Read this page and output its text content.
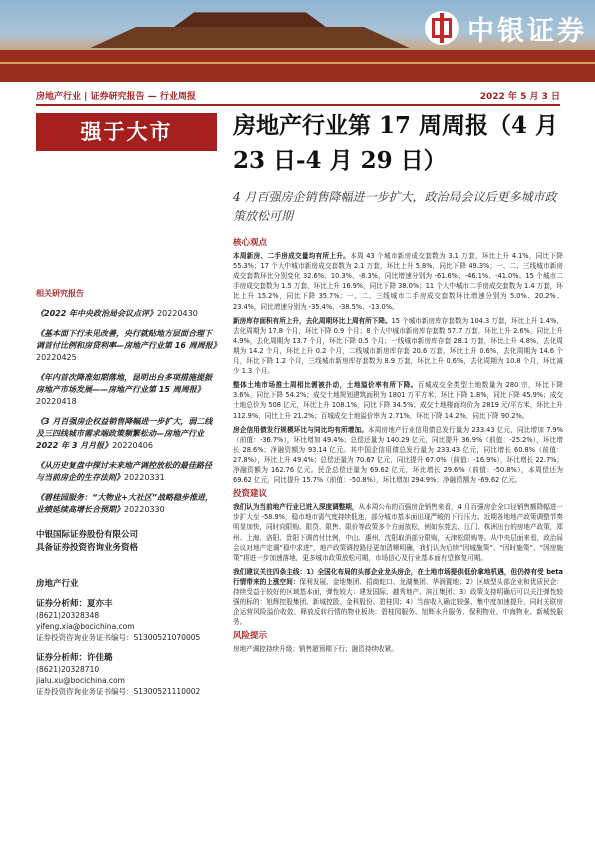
中银证券
房地产行业 | 证券研究报告 — 行业周报	2022 年 5 月 3 日
强于大市	房地产行业第 17 周周报（4 月 23 日-4 月 29 日）
4 月百强房企销售降幅进一步扩大，政治局会议后更多城市政策放松可期
相关研究报告
《2022 年中央政治局会议点评》20220430
《基本面下行未见改善，央行就贴地方层面合理下调首付比例和房贷利率—房地产行业第 16 周周报》20220425
《年内首次降准如期落地，昆明出台多项措施提振房地产市场发展——房地产行业第 15 周周报》20220418
《3 月百强房企权益销售降幅进一步扩大，弱二线及三四线城市需求端政策频繁松动—房地产行业 2022 年 3 月月报》20220406
《从历史复盘中探讨未来地产调控放松的最佳路径与当前房企的生存法则》20220331
《碧桂园服务：“大物业+大社区”战略稳步推进，业绩延续高增长合预期》20220330
中银国际证券股份有限公司
具备证券投资咨询业务资格
房地产行业
证券分析师：夏亦丰
(8621)20328348
yifeng.xia@bocichina.com
证券投资咨询业务证书编号：S1300521070005
证券分析师：许佳璐
(8621)20328710
jialu.xu@bocichina.com
证券投资咨询业务证书编号：S1300521110002
核心观点
本周新房、二手房成交量均有所上升。本周 43 个城市新房成交套数为 3.1 万套，环比上升 4.1%，同比下降 55.3%；17 个大中城市新房成交套数为 2.1 万套，环比上升 5.8%，同比下降 49.3%；一、二、三线城市新房成交套数环比分别变化 32.6%、10.3%、-8.3%，同比增速分别为 -61.6%、-46.1%、-41.0%。15 个城市二手房成交套数为 1.5 万套，环比上升 16.9%，同比下降 38.0%；11 个大中城市二手房成交套数为 1.4 万套，环比上升 15.2%，同比下降 35.7%；一、二、三线城市二手房成交套数环比增速分别为 5.0%、20.2%、23.4%，同比增速分别为 -35.4%、-38.5%、-13.0%。
新房库存面积有所上升，去化周期环比上周有所下降。15 个城市新房库存套数为 104.3 万套，环比上升 1.4%，去化周期为 17.8 个月，环比下降 0.9 个月；8 个大中城市新房库存套数 57.7 万套，环比上升 2.6%，同比上升 4.9%，去化周期为 13.7 个月，环比下降 0.5 个月；一线城市新房库存套 28.1 万套，环比上升 4.8%，去化周期为 14.2 个月，环比上升 0.2 个月，二线城市新房库存套 20.6 万套，环比上升 0.6%，去化周期为 14.6 个月，环比下降 1.2 个月，三线城市新房库存套数为 8.9 万套，环比上升 0.6%，去化周期为 10.8 个月，环比减少 1.3 个月。
整体土地市场推土周相比需被扑动，土地溢价率有所下降。百城成交全类型土地数量为 280 宗，环比下降 3.6%，同比下降 54.2%；成交土地规划建筑面积为 1801 万平方米，环比下降 1.8%，同比下降 45.9%；成交土地总价为 508 亿元，环比上升 108.1%，同比下降 34.5%；成交土地楼面均价为 2819 元/平方米，环比上升 112.9%，同比上升 21.2%；百城成交土地溢价率为 2.71%，环比下降 14.2%，同比下降 90.2%。
房企信用债发行规模环比与同比均有所增加。本周房地产行业信用债总发行量为 233.43 亿元，同比增加 7.9%（前值：-36.7%），环比增加 49.4%；总偿还量为 140.29 亿元，同比提升 36.9%（前值：-25.2%），环比增长 28.6%；净融资额为 93.14 亿元。其中国企信用债总发行量为 233.43 亿元，同比增长 60.8%（前值：27.8%），环比上升 49.4%；总偿还量为 70.67 亿元，同比提升 67.0%（前值：-16.9%），环比增长 22.7%；净融资额为 162.76 亿元。民企总偿还量为 69.62 亿元，环比增长 29.6%（前值：-50.8%），本周偿还为 69.62 亿元，同比提升 15.7%（前值：-50.8%），环比增加 294.9%；净融资额为 -69.62 亿元。
投资建议
我们认为当前地产行业已进入深度调整期，从本周公布的百强房企销售来看，4 月百强房企全口径销售额降幅进一步扩大至 -58.9%，稳市地市需气度持续低迷，部分城市基本面出现严峻的下行压力。近期各地地产政策调整节奏明显加快，同时向限购、限贷、限售、限价等政策多个方面放松，例如东莞去、江门、株洲出台的房地产政策，郑州、上海、洛阳、贵阳下调首付比例，中山、惠州、沈阳取消部分限购，天津松限购等。从中央层面来看，政治局会议对地产定调“稳中求进”，地产政策调控路径更加清晰明确，我们认为后续“因城施策”、“因时施策”、“因房施策”将进一步加速落地，更多城市政策放松可期，市场信心及行业基本面有望修复可期。
我们建议关注四条主线：1）全国化布局的头部企业龙头房企，在土地市场提供低价拿地机遇，但仍持有受 beta 行情带来的上涨空间：保利发展、金地集团、招商蛇口、龙湖集团、华润置地；2）区域型头部企业和优质民企：持续受益于较好的区域基本面，弹性较大：建发国际、越秀地产、滨江集团；3）政策支持明确后可以关注弹性较强的标的：旭辉控股集团、新城控股、金科股份、碧桂园；4）当前收入确定较强、集中度加速提升，同时关联房企运营风险溢价收敛、释放反转行情的物业板块：碧桂园服务、旭辉永升服务、保利物业、中海物业、新城悦服务。
风险提示
房地产调控持续升级；销售超预期下行；融资持续收紧。
